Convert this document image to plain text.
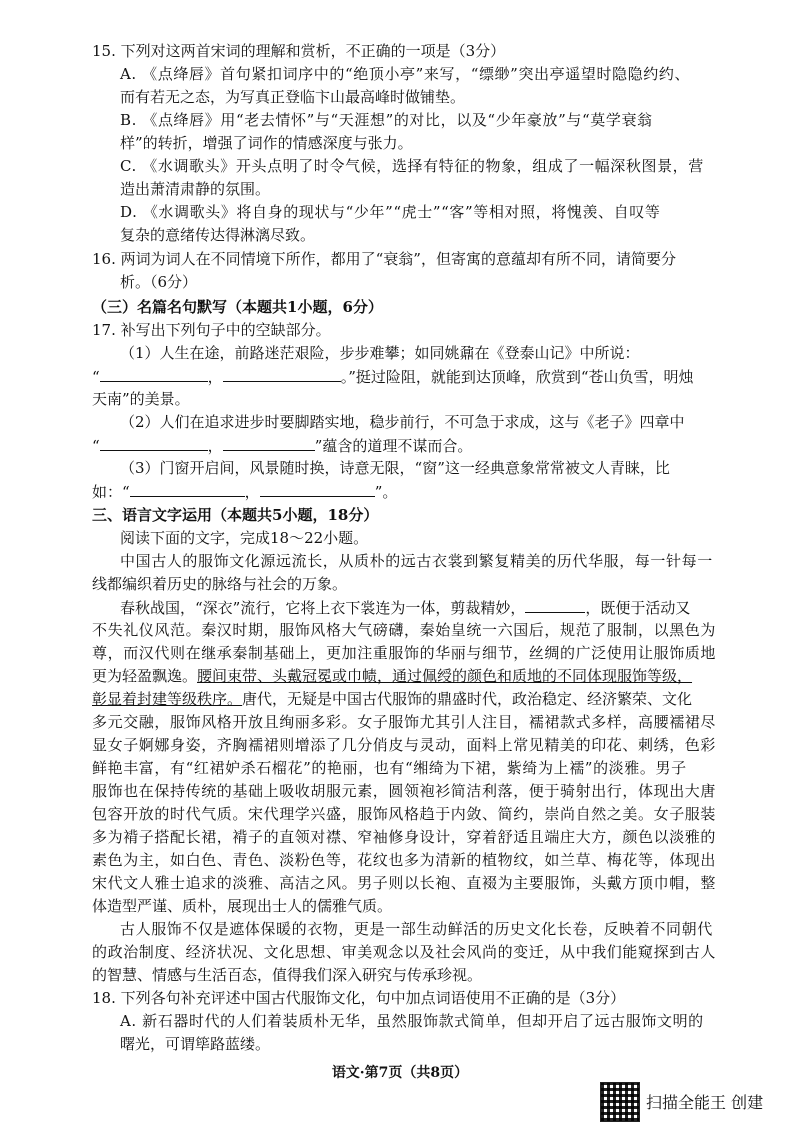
15. 下列对这两首宋词的理解和赏析，不正确的一项是（3分）
A. 《点绛唇》首句紧扣词序中的“绝顶小亭”来写，“缥缈”突出亭遥望时隐隐约约、
而有若无之态，为写真正登临卞山最高峰时做铺垫。
B. 《点绛唇》用“老去情怀”与“天涯想”的对比，以及“少年豪放”与“莫学衰翁
样”的转折，增强了词作的情感深度与张力。
C. 《水调歌头》开头点明了时令气候，选择有特征的物象，组成了一幅深秋图景，营
造出萧清肃静的氛围。
D. 《水调歌头》将自身的现状与“少年”“虎士”“客”等相对照，将愧羡、自叹等
复杂的意绪传达得淋漓尽致。
16. 两词为词人在不同情境下所作，都用了“衰翁”，但寄寓的意蕴却有所不同，请简要分
析。（6分）
（三）名篇名句默写（本题共1小题，6分）
17. 补写出下列句子中的空缺部分。
（1）人生在途，前路迷茫艰险，步步难攀；如同姚鼐在《登泰山记》中所说：
“	，	。”挺过险阻，就能到达顶峰，欣赏到“苍山负雪，明烛
天南”的美景。
（2）人们在追求进步时要脚踏实地，稳步前行，不可急于求成，这与《老子》四章中
“	，	”蕴含的道理不谋而合。
（3）门窗开启间，风景随时换，诗意无限，“窗”这一经典意象常常被文人青睐，比
如：“	，	”。
三、语言文字运用（本题共5小题，18分）
阅读下面的文字，完成18～22小题。
中国古人的服饰文化源远流长，从质朴的远古衣裳到繁复精美的历代华服，每一针每一
线都编织着历史的脉络与社会的万象。
春秋战国，“深衣”流行，它将上衣下裳连为一体，剪裁精妙，	，既便于活动又
不失礼仪风范。秦汉时期，服饰风格大气磅礴，秦始皇统一六国后，规范了服制，以黑色为
尊，而汉代则在继承秦制基础上，更加注重服饰的华丽与细节，丝绸的广泛使用让服饰质地
更为轻盈飘逸。腰间束带、头戴冠冕或巾帻，通过佩绶的颜色和质地的不同体现服饰等级，
彰显着封建等级秩序。唐代，无疑是中国古代服饰的鼎盛时代，政治稳定、经济繁荣、文化
多元交融，服饰风格开放且绚丽多彩。女子服饰尤其引人注目，襦裙款式多样，高腰襦裙尽
显女子婀娜身姿，齐胸襦裙则增添了几分俏皮与灵动，面料上常见精美的印花、刺绣，色彩
鲜艳丰富，有“红裙妒杀石榴花”的艳丽，也有“缃绮为下裙，紫绮为上襦”的淡雅。男子
服饰也在保持传统的基础上吸收胡服元素，圆领袍衫简洁利落，便于骑射出行，体现出大唐
包容开放的时代气质。宋代理学兴盛，服饰风格趋于内敛、简约，崇尚自然之美。女子服装
多为褙子搭配长裙，褙子的直领对襟、窄袖修身设计，穿着舒适且端庄大方，颜色以淡雅的
素色为主，如白色、青色、淡粉色等，花纹也多为清新的植物纹，如兰草、梅花等，体现出
宋代文人雅士追求的淡雅、高洁之风。男子则以长袍、直裰为主要服饰，头戴方顶巾帽，整
体造型严谨、质朴，展现出士人的儒雅气质。
古人服饰不仅是遮体保暖的衣物，更是一部生动鲜活的历史文化长卷，反映着不同朝代
的政治制度、经济状况、文化思想、审美观念以及社会风尚的变迁，从中我们能窥探到古人
的智慧、情感与生活百态，值得我们深入研究与传承珍视。
18. 下列各句补充评述中国古代服饰文化，句中加点词语使用不正确的是（3分）
A. 新石器时代的人们着装质朴无华，虽然服饰款式简单，但却开启了远古服饰文明的
曙光，可谓筚路蓝缕。
语文·第7页（共8页）
扫描全能王 创建
